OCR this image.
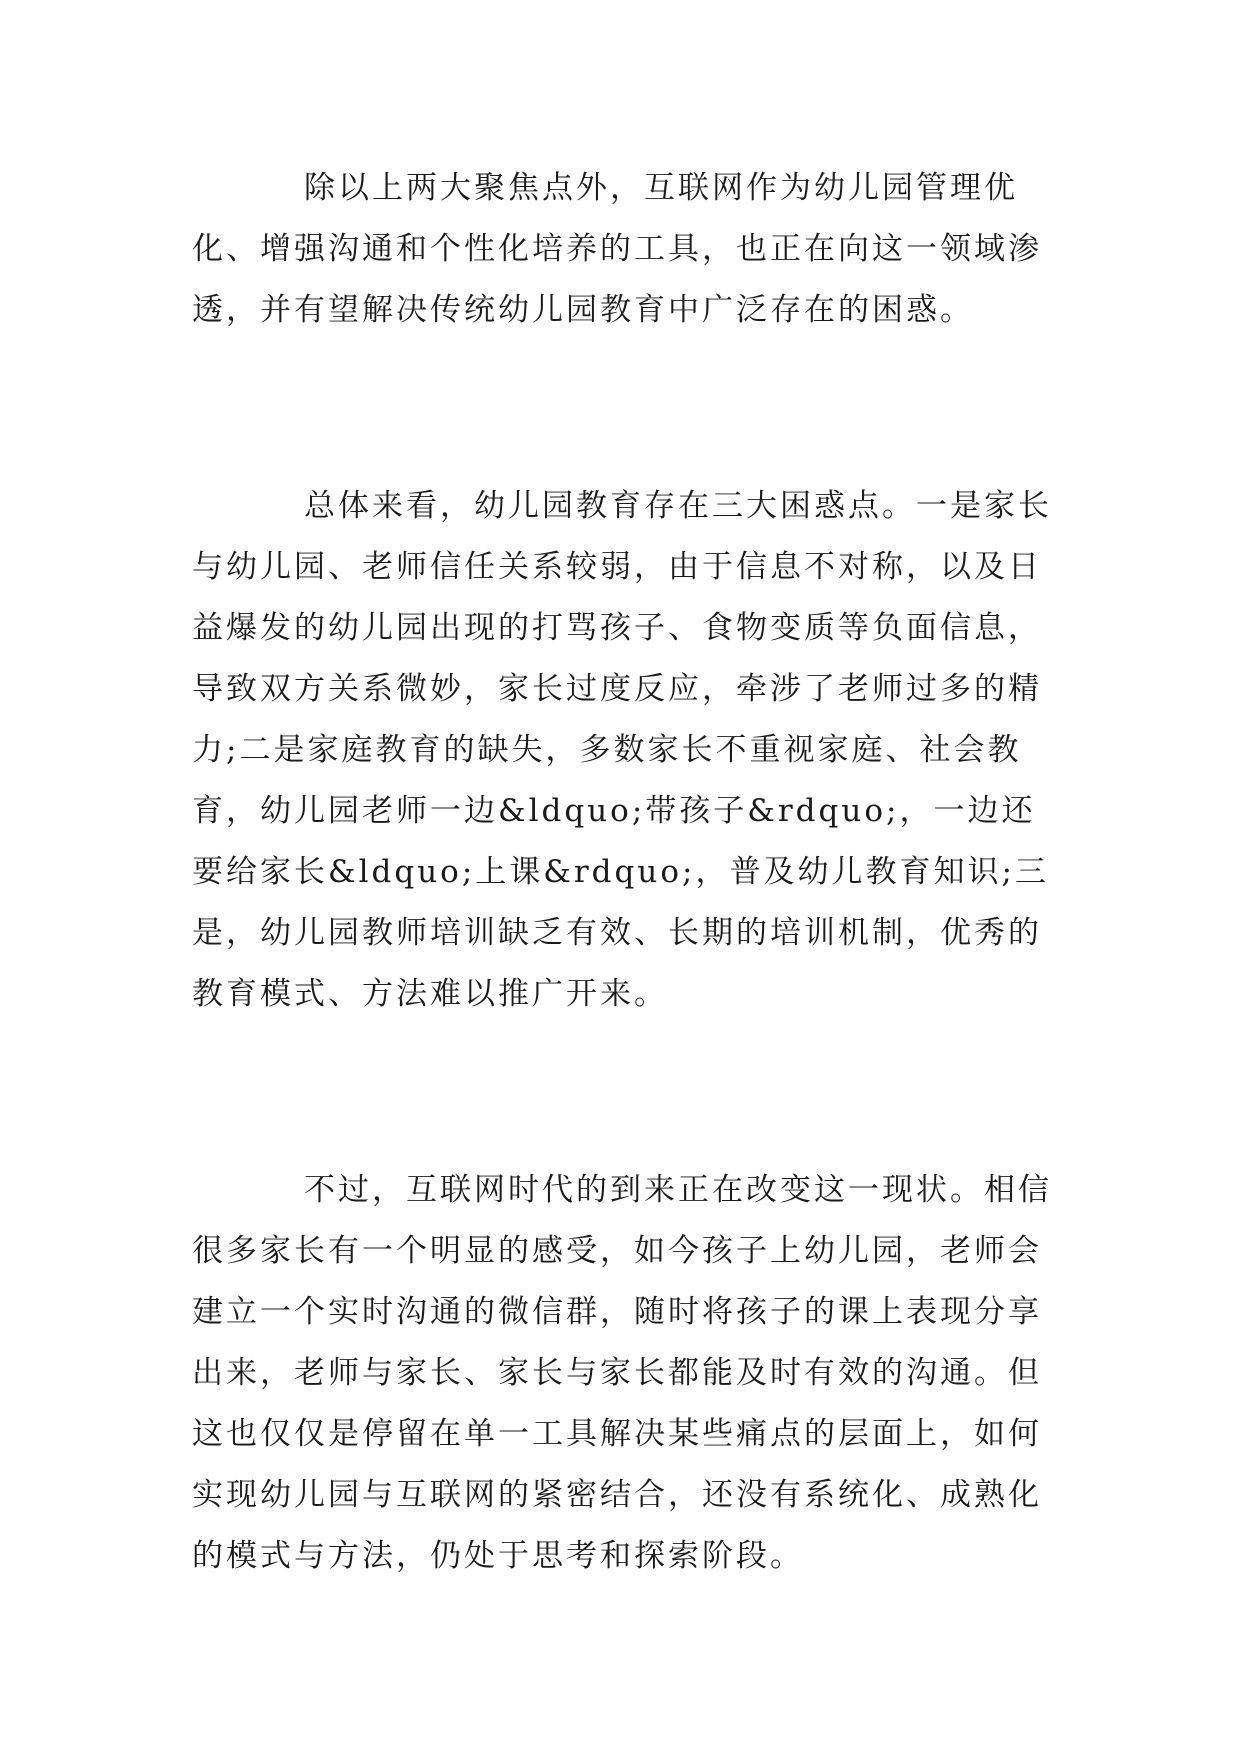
除以上两大聚焦点外，互联网作为幼儿园管理优化、增强沟通和个性化培养的工具，也正在向这一领域渗透，并有望解决传统幼儿园教育中广泛存在的困惑。

总体来看，幼儿园教育存在三大困惑点。一是家长与幼儿园、老师信任关系较弱，由于信息不对称，以及日益爆发的幼儿园出现的打骂孩子、食物变质等负面信息，导致双方关系微妙，家长过度反应，牵涉了老师过多的精力;二是家庭教育的缺失，多数家长不重视家庭、社会教育，幼儿园老师一边&ldquo;带孩子&rdquo;，一边还要给家长&ldquo;上课&rdquo;，普及幼儿教育知识;三是，幼儿园教师培训缺乏有效、长期的培训机制，优秀的教育模式、方法难以推广开来。

不过，互联网时代的到来正在改变这一现状。相信很多家长有一个明显的感受，如今孩子上幼儿园，老师会建立一个实时沟通的微信群，随时将孩子的课上表现分享出来，老师与家长、家长与家长都能及时有效的沟通。但这也仅仅是停留在单一工具解决某些痛点的层面上，如何实现幼儿园与互联网的紧密结合，还没有系统化、成熟化的模式与方法，仍处于思考和探索阶段。
